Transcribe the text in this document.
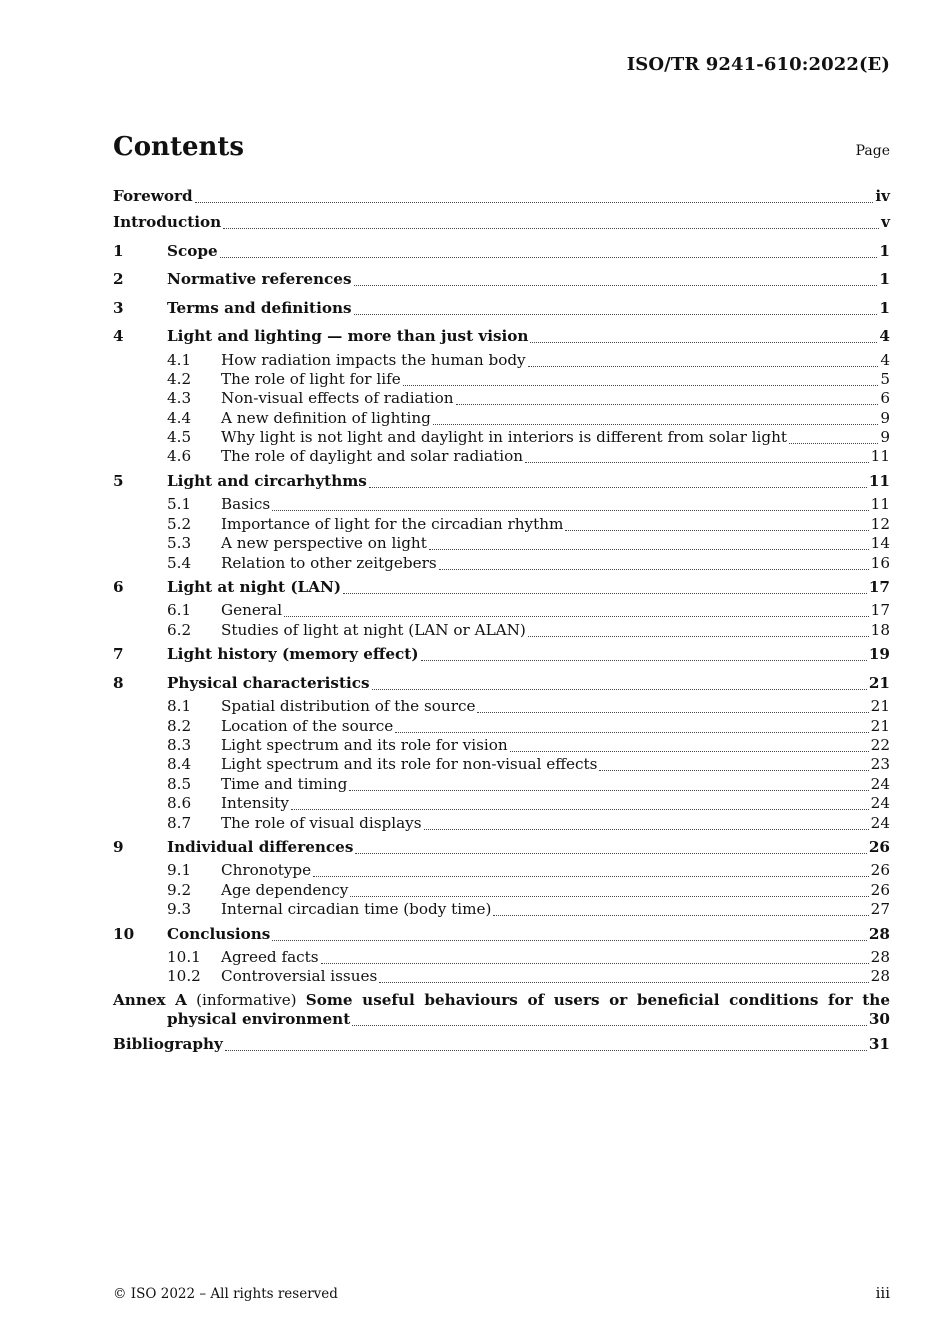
ISO/TR 9241-610:2022(E)
Contents	Page
Foreword	iv
Introduction	v
1	Scope	1
2	Normative references	1
3	Terms and definitions	1
4	Light and lighting — more than just vision	4
4.1	How radiation impacts the human body	4
4.2	The role of light for life	5
4.3	Non-visual effects of radiation	6
4.4	A new definition of lighting	9
4.5	Why light is not light and daylight in interiors is different from solar light	9
4.6	The role of daylight and solar radiation	11
5	Light and circarhythms	11
5.1	Basics	11
5.2	Importance of light for the circadian rhythm	12
5.3	A new perspective on light	14
5.4	Relation to other zeitgebers	16
6	Light at night (LAN)	17
6.1	General	17
6.2	Studies of light at night (LAN or ALAN)	18
7	Light history (memory effect)	19
8	Physical characteristics	21
8.1	Spatial distribution of the source	21
8.2	Location of the source	21
8.3	Light spectrum and its role for vision	22
8.4	Light spectrum and its role for non-visual effects	23
8.5	Time and timing	24
8.6	Intensity	24
8.7	The role of visual displays	24
9	Individual differences	26
9.1	Chronotype	26
9.2	Age dependency	26
9.3	Internal circadian time (body time)	27
10	Conclusions	28
10.1	Agreed facts	28
10.2	Controversial issues	28
Annex A (informative) Some useful behaviours of users or beneficial conditions for the
physical environment	30
Bibliography	31
© ISO 2022 – All rights reserved	iii
